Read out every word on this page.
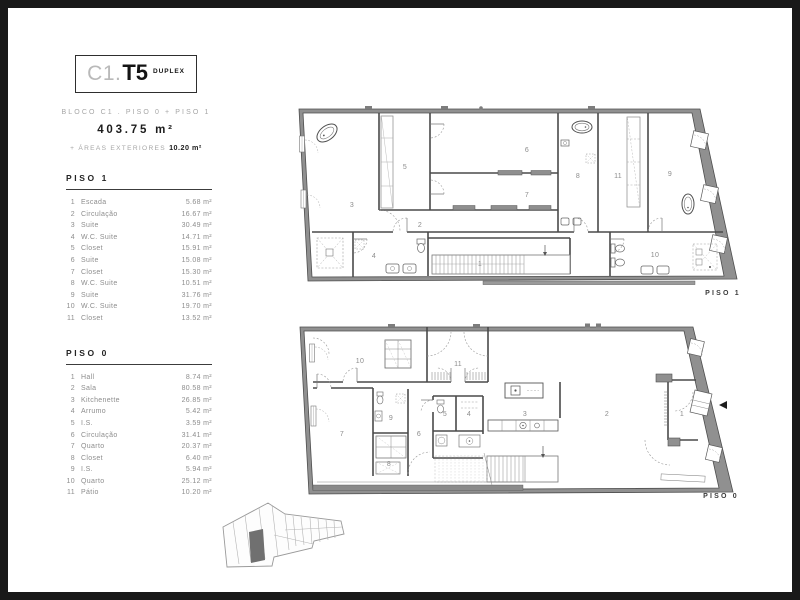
C1. T5 DUPLEX
BLOCO C1 . PISO 0 + PISO 1
403.75 m²
+ ÁREAS EXTERIORES 10.20 m²
PISO 1
1 Escada	5.68 m²
2 Circulação	16.67 m²
3 Suite	30.49 m²
4 W.C. Suite	14.71 m²
5 Closet	15.91 m²
6 Suite	15.08 m²
7 Closet	15.30 m²
8 W.C. Suite	10.51 m²
9 Suite	31.76 m²
10 W.C. Suite	19.70 m²
11 Closet	13.52 m²
PISO 0
1 Hall	8.74 m²
2 Sala	80.58 m²
3 Kitchenette	26.85 m²
4 Arrumo	5.42 m²
5 I.S.	3.59 m²
6 Circulação	31.41 m²
7 Quarto	20.37 m²
8 Closet	6.40 m²
9 I.S.	5.94 m²
10 Quarto	25.12 m²
11 Pátio	10.20 m²
1
2
3
4
5
6
7
8	9
10
11
PISO 1
1
2
3
4
5
6
7
8
9
10	11
PISO 0
